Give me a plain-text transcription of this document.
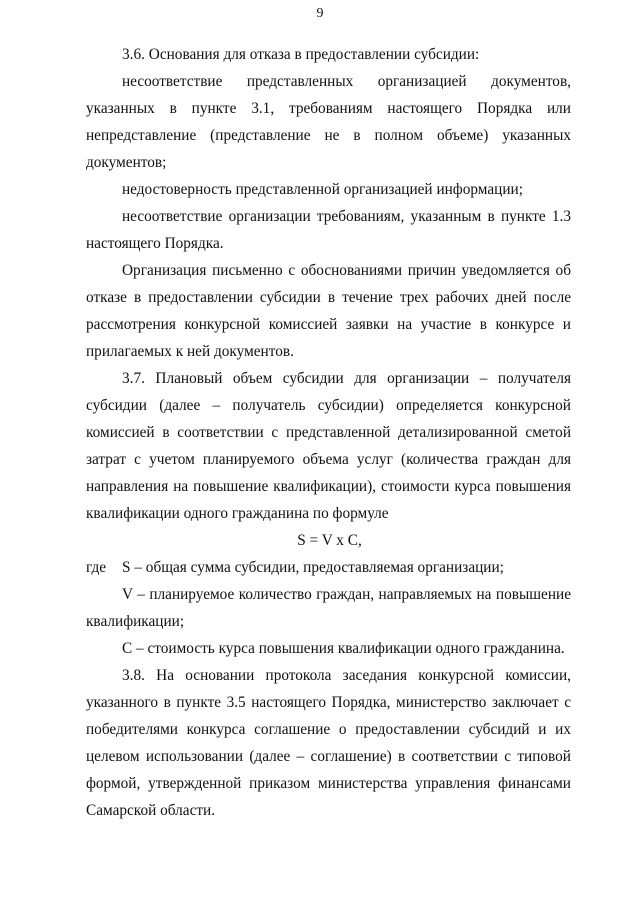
9

3.6. Основания для отказа в предоставлении субсидии:

несоответствие представленных организацией документов, указанных в пункте 3.1, требованиям настоящего Порядка или непредставление (представление не в полном объеме) указанных документов;

недостоверность представленной организацией информации;

несоответствие организации требованиям, указанным в пункте 1.3 настоящего Порядка.

Организация письменно с обоснованиями причин уведомляется об отказе в предоставлении субсидии в течение трех рабочих дней после рассмотрения конкурсной комиссией заявки на участие в конкурсе и прилагаемых к ней документов.

3.7. Плановый объем субсидии для организации – получателя субсидии (далее – получатель субсидии) определяется конкурсной комиссией в соответствии с представленной детализированной сметой затрат с учетом планируемого объема услуг (количества граждан для направления на повышение квалификации), стоимости курса повышения квалификации одного гражданина по формуле

S = V x C,

где S – общая сумма субсидии, предоставляемая организации;

V – планируемое количество граждан, направляемых на повышение квалификации;

C – стоимость курса повышения квалификации одного гражданина.

3.8. На основании протокола заседания конкурсной комиссии, указанного в пункте 3.5 настоящего Порядка, министерство заключает с победителями конкурса соглашение о предоставлении субсидий и их целевом использовании (далее – соглашение) в соответствии с типовой формой, утвержденной приказом министерства управления финансами Самарской области.
